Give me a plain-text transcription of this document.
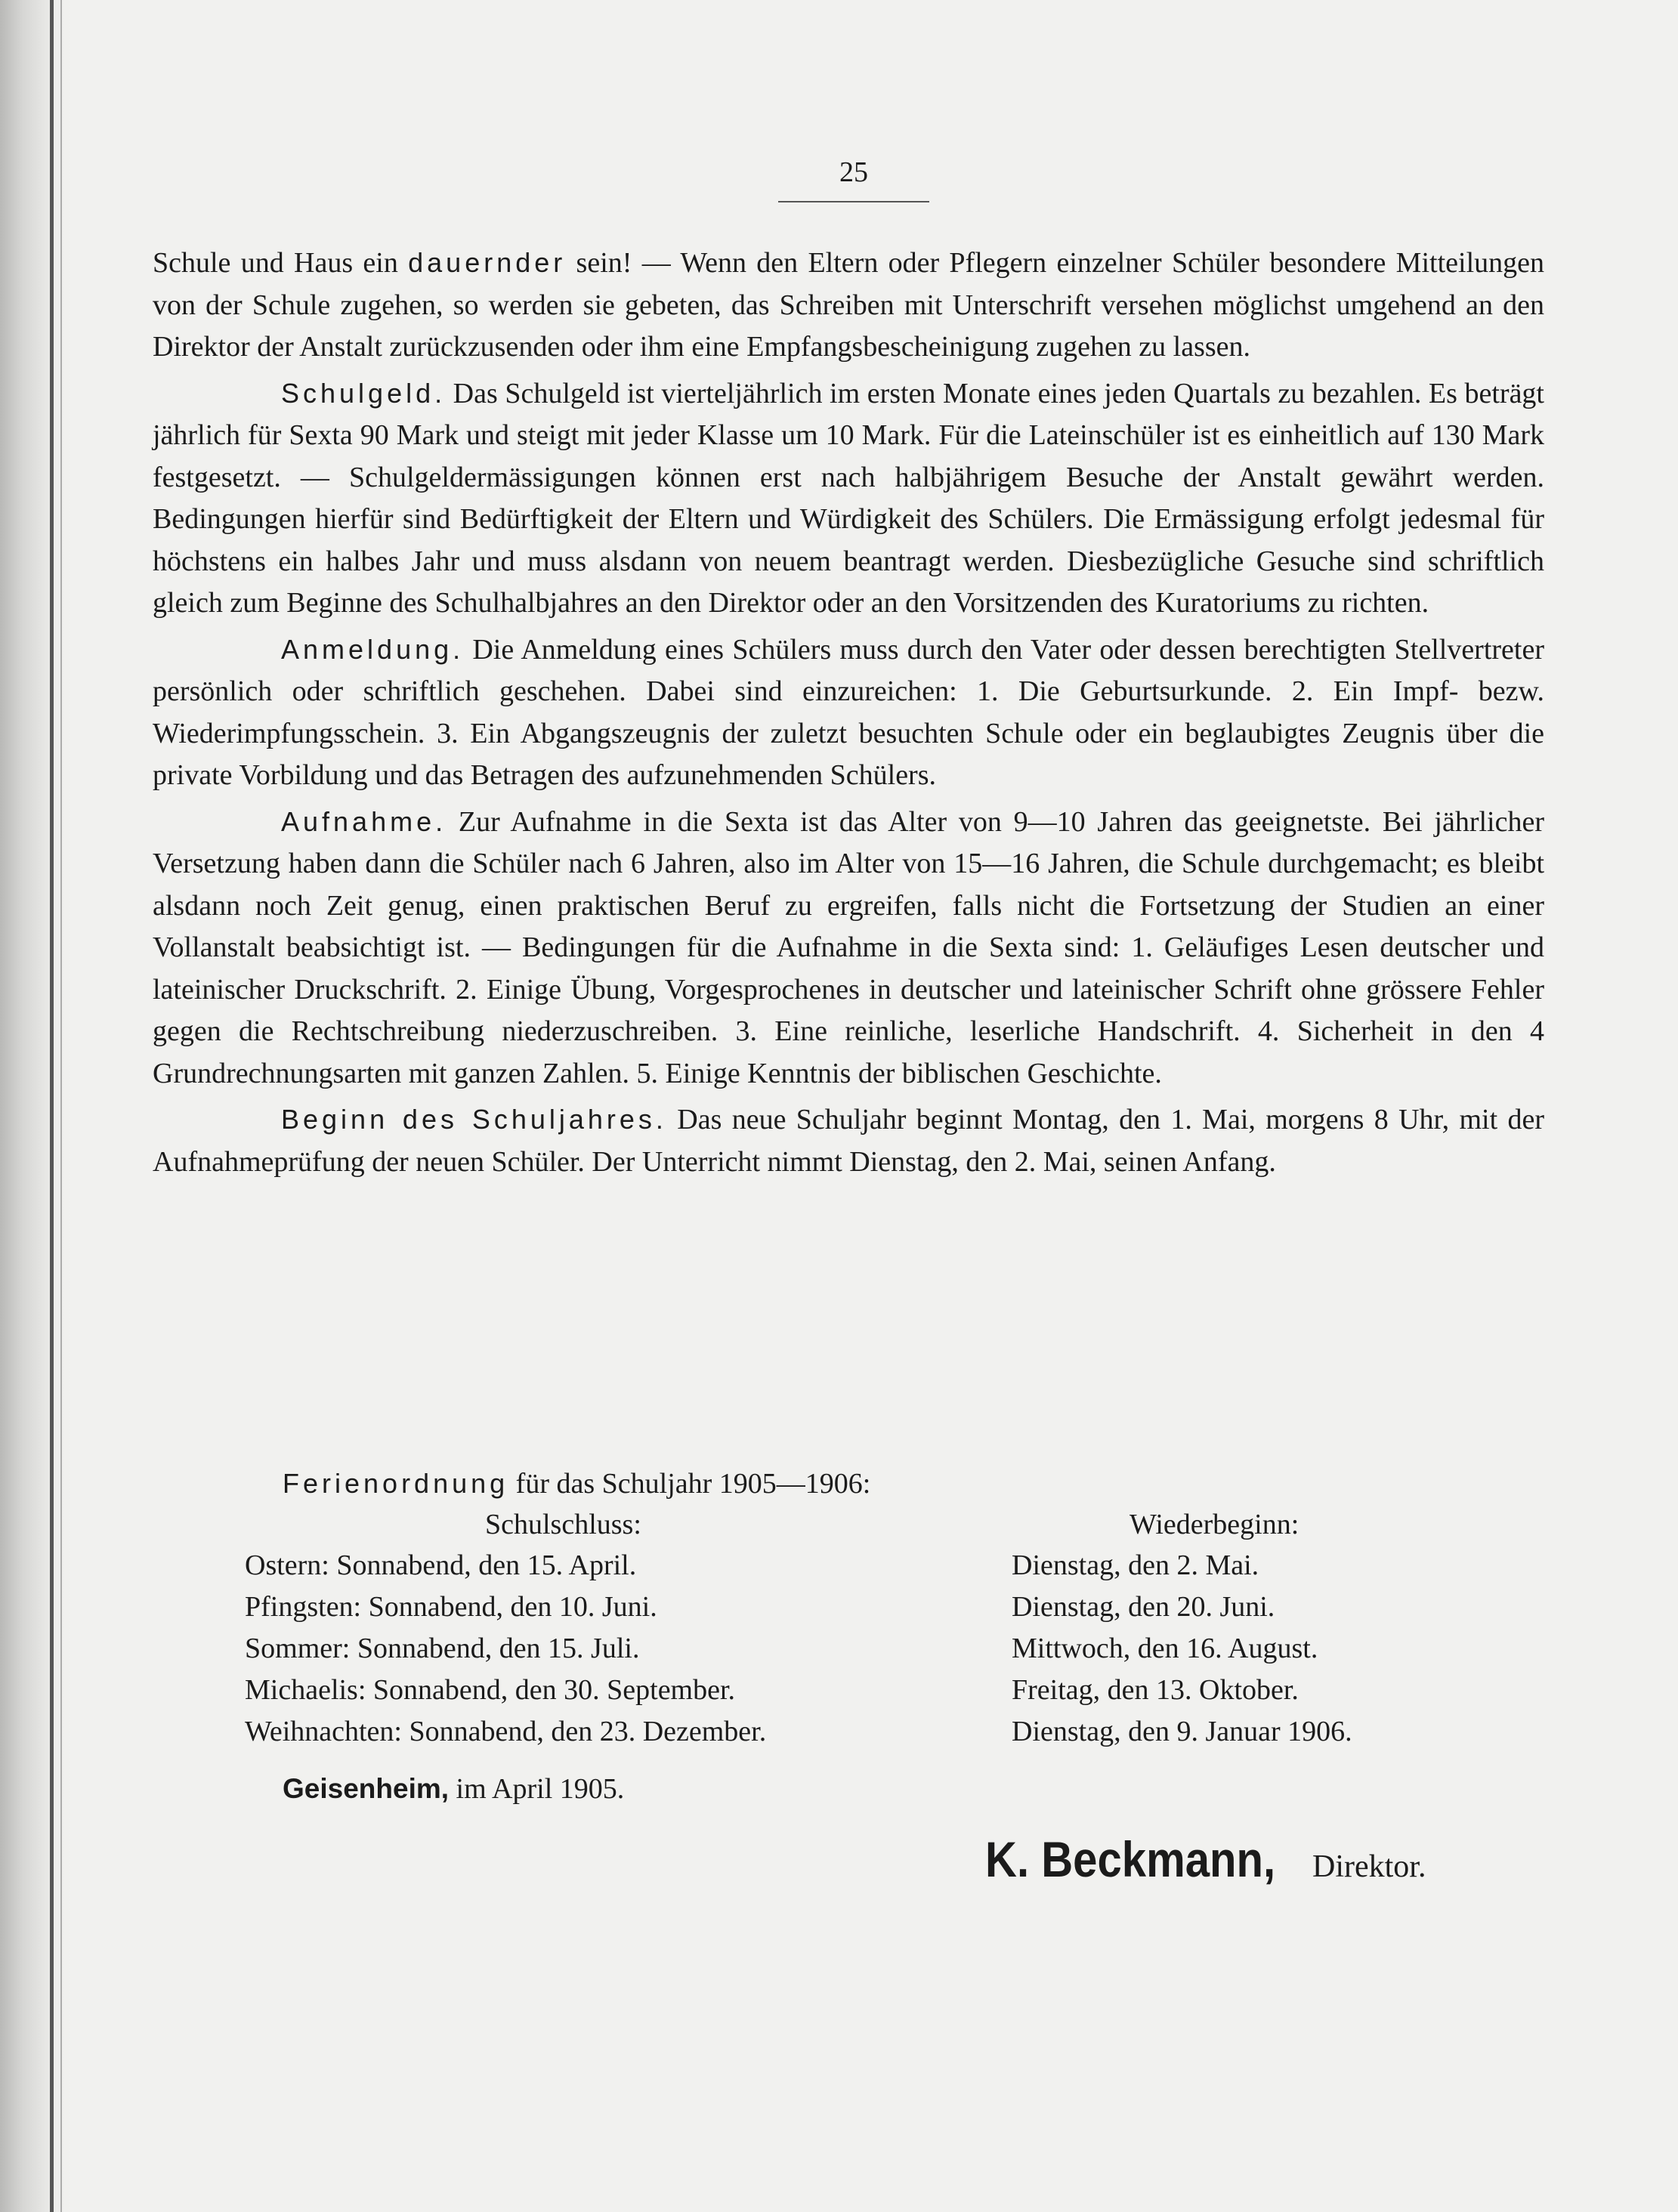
25

Schule und Haus ein dauernder sein! — Wenn den Eltern oder Pflegern einzelner Schüler besondere Mitteilungen von der Schule zugehen, so werden sie gebeten, das Schreiben mit Unterschrift versehen möglichst umgehend an den Direktor der Anstalt zurückzusenden oder ihm eine Empfangsbescheinigung zugehen zu lassen.

Schulgeld. Das Schulgeld ist vierteljährlich im ersten Monate eines jeden Quartals zu bezahlen. Es beträgt jährlich für Sexta 90 Mark und steigt mit jeder Klasse um 10 Mark. Für die Lateinschüler ist es einheitlich auf 130 Mark festgesetzt. — Schulgeldermässigungen können erst nach halbjährigem Besuche der Anstalt gewährt werden. Bedingungen hierfür sind Bedürftigkeit der Eltern und Würdigkeit des Schülers. Die Ermässigung erfolgt jedesmal für höchstens ein halbes Jahr und muss alsdann von neuem beantragt werden. Diesbezügliche Gesuche sind schriftlich gleich zum Beginne des Schulhalbjahres an den Direktor oder an den Vorsitzenden des Kuratoriums zu richten.

Anmeldung. Die Anmeldung eines Schülers muss durch den Vater oder dessen berechtigten Stellvertreter persönlich oder schriftlich geschehen. Dabei sind einzureichen: 1. Die Geburtsurkunde. 2. Ein Impf- bezw. Wiederimpfungsschein. 3. Ein Abgangszeugnis der zuletzt besuchten Schule oder ein beglaubigtes Zeugnis über die private Vorbildung und das Betragen des aufzunehmenden Schülers.

Aufnahme. Zur Aufnahme in die Sexta ist das Alter von 9—10 Jahren das geeignetste. Bei jährlicher Versetzung haben dann die Schüler nach 6 Jahren, also im Alter von 15—16 Jahren, die Schule durchgemacht; es bleibt alsdann noch Zeit genug, einen praktischen Beruf zu ergreifen, falls nicht die Fortsetzung der Studien an einer Vollanstalt beabsichtigt ist. — Bedingungen für die Aufnahme in die Sexta sind: 1. Geläufiges Lesen deutscher und lateinischer Druckschrift. 2. Einige Übung, Vorgesprochenes in deutscher und lateinischer Schrift ohne grössere Fehler gegen die Rechtschreibung niederzuschreiben. 3. Eine reinliche, leserliche Handschrift. 4. Sicherheit in den 4 Grundrechnungsarten mit ganzen Zahlen. 5. Einige Kenntnis der biblischen Geschichte.

Beginn des Schuljahres. Das neue Schuljahr beginnt Montag, den 1. Mai, morgens 8 Uhr, mit der Aufnahmeprüfung der neuen Schüler. Der Unterricht nimmt Dienstag, den 2. Mai, seinen Anfang.

Ferienordnung für das Schuljahr 1905—1906:
Schulschluss:	Wiederbeginn:
Ostern: Sonnabend, den 15. April.	Dienstag, den 2. Mai.
Pfingsten: Sonnabend, den 10. Juni.	Dienstag, den 20. Juni.
Sommer: Sonnabend, den 15. Juli.	Mittwoch, den 16. August.
Michaelis: Sonnabend, den 30. September.	Freitag, den 13. Oktober.
Weihnachten: Sonnabend, den 23. Dezember.	Dienstag, den 9. Januar 1906.
Geisenheim, im April 1905.
K. Beckmann, Direktor.
